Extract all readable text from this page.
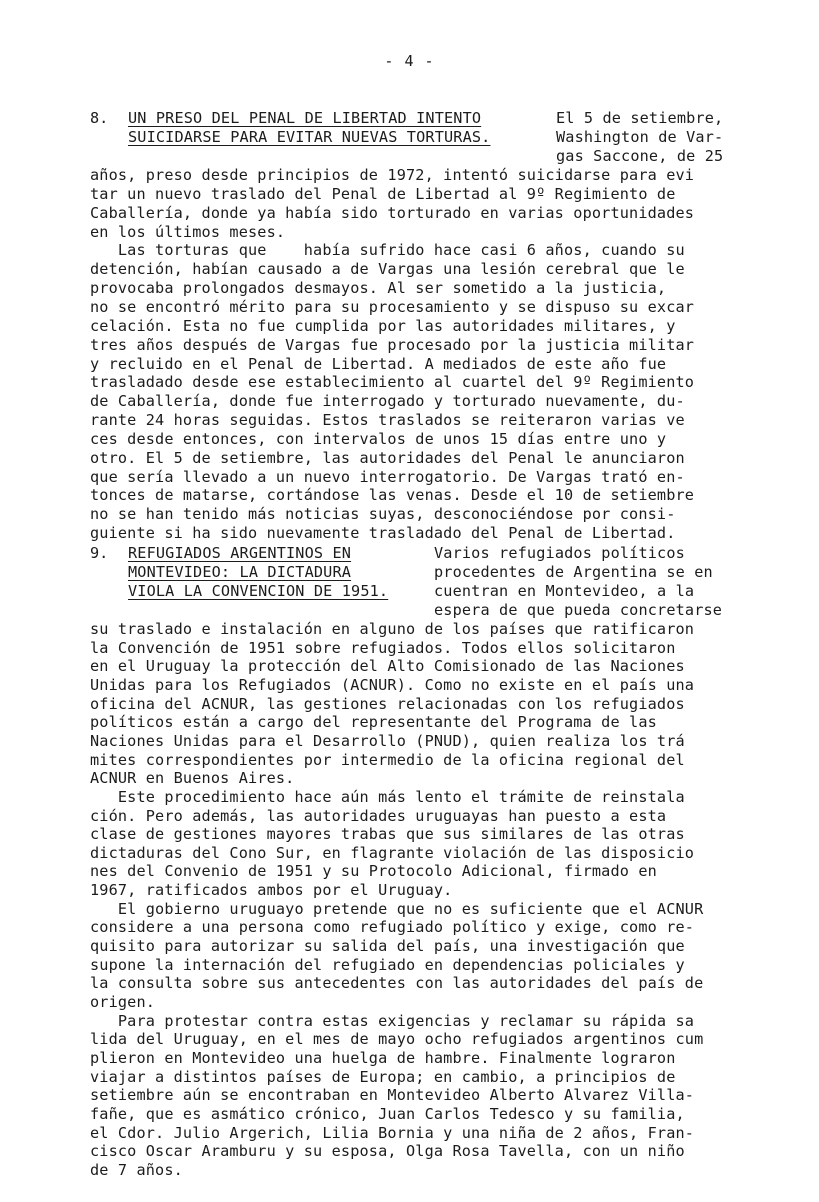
- 4 -
8. UN PRESO DEL PENAL DE LIBERTAD INTENTO
SUICIDARSE PARA EVITAR NUEVAS TORTURAS.
El 5 de setiembre,
Washington de Var-
gas Saccone, de 25
años, preso desde principios de 1972, intentó suicidarse para evi
tar un nuevo traslado del Penal de Libertad al 9º Regimiento de
Caballería, donde ya había sido torturado en varias oportunidades
en los últimos meses.
Las torturas que    había sufrido hace casi 6 años, cuando su
detención, habían causado a de Vargas una lesión cerebral que le
provocaba prolongados desmayos. Al ser sometido a la justicia,
no se encontró mérito para su procesamiento y se dispuso su excar
celación. Esta no fue cumplida por las autoridades militares, y
tres años después de Vargas fue procesado por la justicia militar
y recluido en el Penal de Libertad. A mediados de este año fue
trasladado desde ese establecimiento al cuartel del 9º Regimiento
de Caballería, donde fue interrogado y torturado nuevamente, du-
rante 24 horas seguidas. Estos traslados se reiteraron varias ve
ces desde entonces, con intervalos de unos 15 días entre uno y
otro. El 5 de setiembre, las autoridades del Penal le anunciaron
que sería llevado a un nuevo interrogatorio. De Vargas trató en-
tonces de matarse, cortándose las venas. Desde el 10 de setiembre
no se han tenido más noticias suyas, desconociéndose por consi-
guiente si ha sido nuevamente trasladado del Penal de Libertad.
9. REFUGIADOS ARGENTINOS EN
MONTEVIDEO: LA DICTADURA
VIOLA LA CONVENCION DE 1951.
Varios refugiados políticos
procedentes de Argentina se en
cuentran en Montevideo, a la
espera de que pueda concretarse
su traslado e instalación en alguno de los países que ratificaron
la Convención de 1951 sobre refugiados. Todos ellos solicitaron
en el Uruguay la protección del Alto Comisionado de las Naciones
Unidas para los Refugiados (ACNUR). Como no existe en el país una
oficina del ACNUR, las gestiones relacionadas con los refugiados
políticos están a cargo del representante del Programa de las
Naciones Unidas para el Desarrollo (PNUD), quien realiza los trá
mites correspondientes por intermedio de la oficina regional del
ACNUR en Buenos Aires.
Este procedimiento hace aún más lento el trámite de reinstala
ción. Pero además, las autoridades uruguayas han puesto a esta
clase de gestiones mayores trabas que sus similares de las otras
dictaduras del Cono Sur, en flagrante violación de las disposicio
nes del Convenio de 1951 y su Protocolo Adicional, firmado en
1967, ratificados ambos por el Uruguay.
El gobierno uruguayo pretende que no es suficiente que el ACNUR
considere a una persona como refugiado político y exige, como re-
quisito para autorizar su salida del país, una investigación que
supone la internación del refugiado en dependencias policiales y
la consulta sobre sus antecedentes con las autoridades del país de
origen.
Para protestar contra estas exigencias y reclamar su rápida sa
lida del Uruguay, en el mes de mayo ocho refugiados argentinos cum
plieron en Montevideo una huelga de hambre. Finalmente lograron
viajar a distintos países de Europa; en cambio, a principios de
setiembre aún se encontraban en Montevideo Alberto Alvarez Villa-
fañe, que es asmático crónico, Juan Carlos Tedesco y su familia,
el Cdor. Julio Argerich, Lilia Bornia y una niña de 2 años, Fran-
cisco Oscar Aramburu y su esposa, Olga Rosa Tavella, con un niño
de 7 años.
